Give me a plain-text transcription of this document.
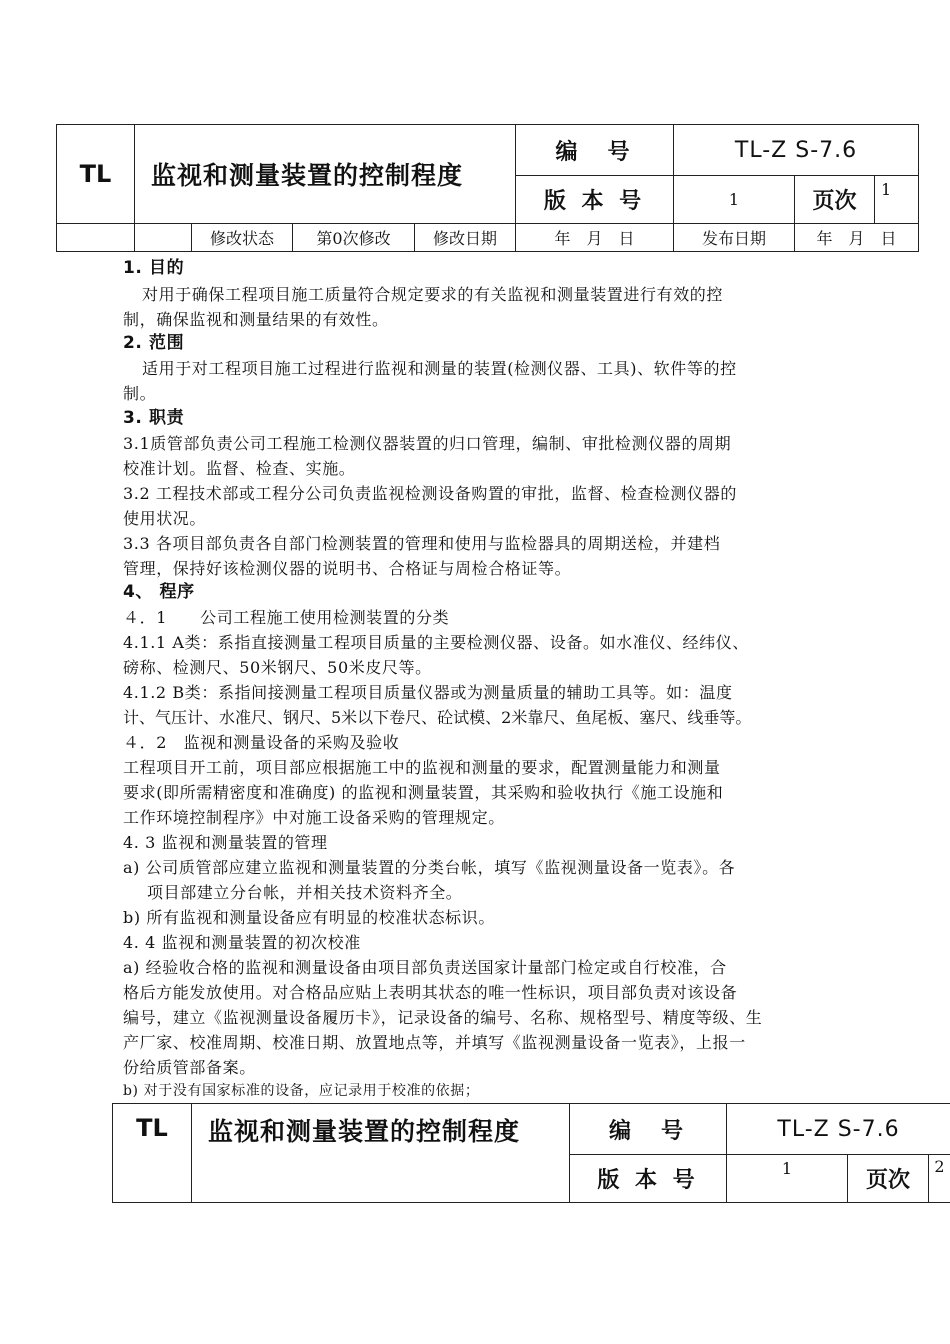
TL	监视和测量装置的控制程度				编　号	TL-Z S-7.6		
					版 本 号	1	页次	1
		修改状态	第0次修改	修改日期	年　月　日	发布日期	年　月　日	
1. 目的
对用于确保工程项目施工质量符合规定要求的有关监视和测量装置进行有效的控
制，确保监视和测量结果的有效性。
2. 范围
适用于对工程项目施工过程进行监视和测量的装置(检测仪器、工具)、软件等的控
制。
3. 职责
3.1质管部负责公司工程施工检测仪器装置的归口管理，编制、审批检测仪器的周期
校准计划。监督、检查、实施。
3.2 工程技术部或工程分公司负责监视检测设备购置的审批，监督、检查检测仪器的
使用状况。
3.3 各项目部负责各自部门检测装置的管理和使用与监检器具的周期送检，并建档
管理，保持好该检测仪器的说明书、合格证与周检合格证等。
4、 程序
４．1　　公司工程施工使用检测装置的分类
4.1.1 A类：系指直接测量工程项目质量的主要检测仪器、设备。如水准仪、经纬仪、
磅称、检测尺、50米钢尺、50米皮尺等。
4.1.2 B类：系指间接测量工程项目质量仪器或为测量质量的辅助工具等。如：温度
计、气压计、水准尺、钢尺、5米以下卷尺、砼试模、2米靠尺、鱼尾板、塞尺、线垂等。
４．2　监视和测量设备的采购及验收
工程项目开工前，项目部应根据施工中的监视和测量的要求，配置测量能力和测量
要求(即所需精密度和准确度) 的监视和测量装置，其采购和验收执行《施工设施和
工作环境控制程序》中对施工设备采购的管理规定。
4. 3 监视和测量装置的管理
a) 公司质管部应建立监视和测量装置的分类台帐，填写《监视测量设备一览表》。各
项目部建立分台帐，并相关技术资料齐全。
b) 所有监视和测量设备应有明显的校准状态标识。
4. 4 监视和测量装置的初次校准
a) 经验收合格的监视和测量设备由项目部负责送国家计量部门检定或自行校准，合
格后方能发放使用。对合格品应贴上表明其状态的唯一性标识，项目部负责对该设备
编号，建立《监视测量设备履历卡》，记录设备的编号、名称、规格型号、精度等级、生
产厂家、校准周期、校准日期、放置地点等，并填写《监视测量设备一览表》，上报一
份给质管部备案。
b) 对于没有国家标准的设备，应记录用于校准的依据；
TL	监视和测量装置的控制程度	编　号	TL-Z S-7.6		
		版 本 号	1	页次	2
